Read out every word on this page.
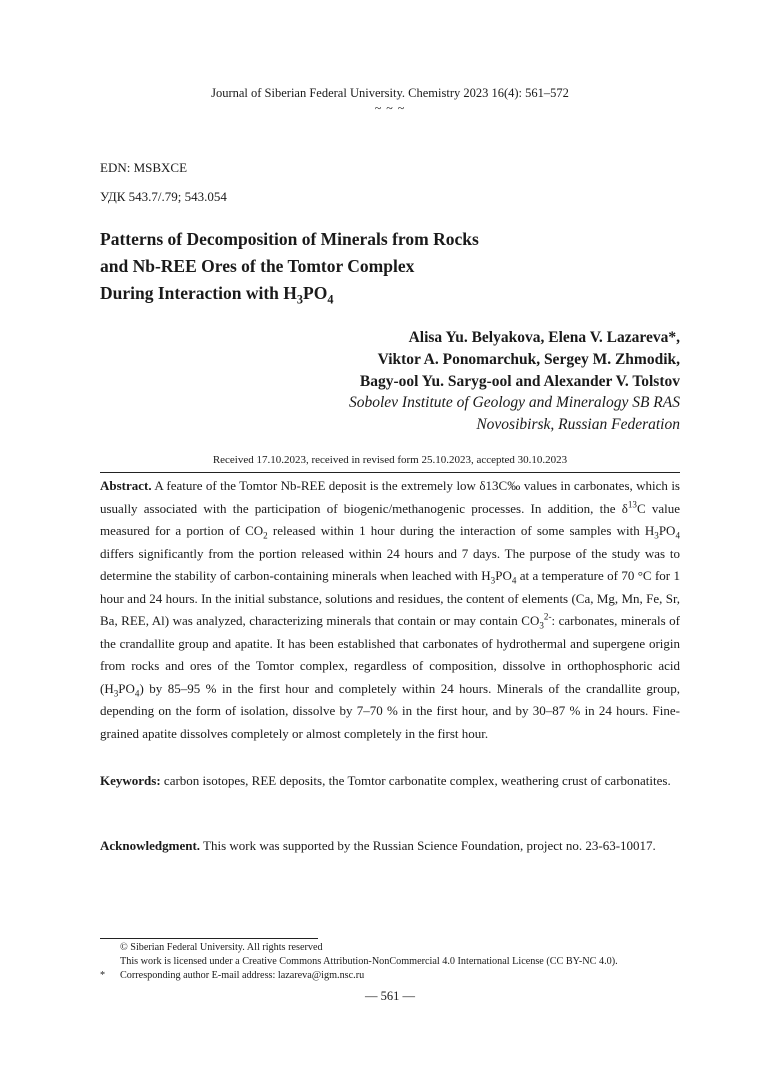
Journal of Siberian Federal University. Chemistry 2023 16(4): 561–572
~ ~ ~
EDN: MSBXCE
УДК 543.7/.79; 543.054
Patterns of Decomposition of Minerals from Rocks
and Nb-REE Ores of the Tomtor Complex
During Interaction with $H_3PO_4$
Alisa Yu. Belyakova, Elena V. Lazareva*,
Viktor A. Ponomarchuk, Sergey M. Zhmodik,
Bagy-ool Yu. Saryg-ool and Alexander V. Tolstov
Sobolev Institute of Geology and Mineralogy SB RAS
Novosibirsk, Russian Federation
Received 17.10.2023, received in revised form 25.10.2023, accepted 30.10.2023

Abstract. A feature of the Tomtor Nb-REE deposit is the extremely low δ13C‰ values in carbonates, which is usually associated with the participation of biogenic/methanogenic processes. In addition, the $\delta^{13}C$ value measured for a portion of $CO_2$ released within 1 hour during the interaction of some samples with $H_3PO_4$ differs significantly from the portion released within 24 hours and 7 days. The purpose of the study was to determine the stability of carbon-containing minerals when leached with $H_3PO_4$ at a temperature of 70 °C for 1 hour and 24 hours. In the initial substance, solutions and residues, the content of elements (Ca, Mg, Mn, Fe, Sr, Ba, REE, Al) was analyzed, characterizing minerals that contain or may contain $CO_3^{2-}$: carbonates, minerals of the crandallite group and apatite. It has been established that carbonates of hydrothermal and supergene origin from rocks and ores of the Tomtor complex, regardless of composition, dissolve in orthophosphoric acid $(H_3PO_4)$ by 85–95 % in the first hour and completely within 24 hours. Minerals of the crandallite group, depending on the form of isolation, dissolve by 7–70 % in the first hour, and by 30–87 % in 24 hours. Fine-grained apatite dissolves completely or almost completely in the first hour.

Keywords: carbon isotopes, REE deposits, the Tomtor carbonatite complex, weathering crust of carbonatites.
Acknowledgment. This work was supported by the Russian Science Foundation, project no. 23-63-10017.
© Siberian Federal University. All rights reserved
This work is licensed under a Creative Commons Attribution-NonCommercial 4.0 International License (CC BY-NC 4.0).
* Corresponding author E-mail address: lazareva@igm.nsc.ru
— 561 —
